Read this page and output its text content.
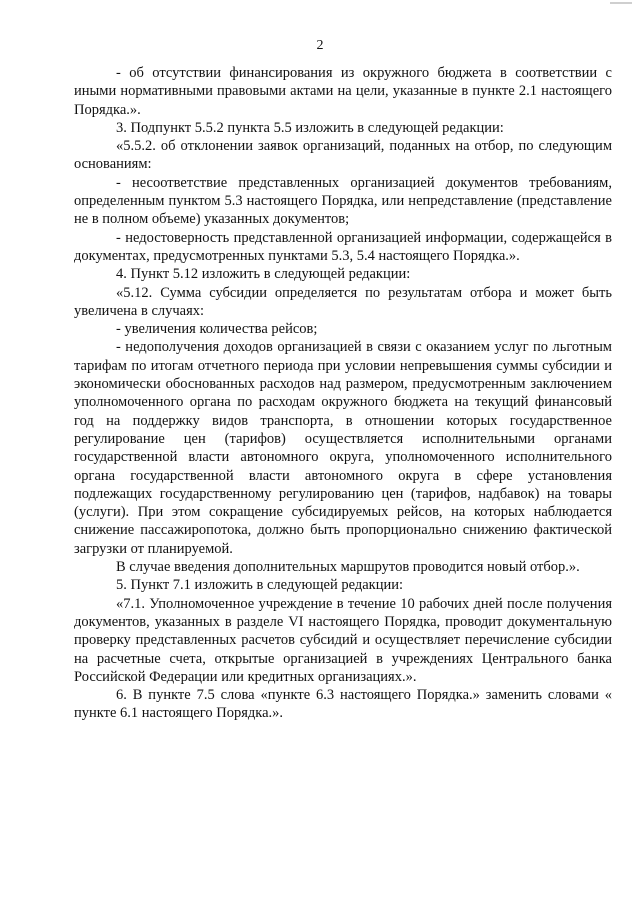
2

- об отсутствии финансирования из окружного бюджета в соответствии с иными нормативными правовыми актами на цели, указанные в пункте 2.1 настоящего Порядка.».

3. Подпункт 5.5.2 пункта 5.5 изложить в следующей редакции:

«5.5.2. об отклонении заявок организаций, поданных на отбор, по следующим основаниям:

- несоответствие представленных организацией документов требованиям, определенным пунктом 5.3 настоящего Порядка, или непредставление (представление не в полном объеме) указанных документов;

- недостоверность представленной организацией информации, содержащейся в документах, предусмотренных пунктами 5.3, 5.4 настоящего Порядка.».

4. Пункт 5.12 изложить в следующей редакции:

«5.12. Сумма субсидии определяется по результатам отбора и может быть увеличена в случаях:

- увеличения количества рейсов;

- недополучения доходов организацией в связи с оказанием услуг по льготным тарифам по итогам отчетного периода при условии непревышения суммы субсидии и экономически обоснованных расходов над размером, предусмотренным заключением уполномоченного органа по расходам окружного бюджета на текущий финансовый год на поддержку видов транспорта, в отношении которых государственное регулирование цен (тарифов) осуществляется исполнительными органами государственной власти автономного округа, уполномоченного исполнительного органа государственной власти автономного округа в сфере установления подлежащих государственному регулированию цен (тарифов, надбавок) на товары (услуги). При этом сокращение субсидируемых рейсов, на которых наблюдается снижение пассажиропотока, должно быть пропорционально снижению фактической загрузки от планируемой.

В случае введения дополнительных маршрутов проводится новый отбор.».

5. Пункт 7.1 изложить в следующей редакции:

«7.1. Уполномоченное учреждение в течение 10 рабочих дней после получения документов, указанных в разделе VI настоящего Порядка, проводит документальную проверку представленных расчетов субсидий и осуществляет перечисление субсидии на расчетные счета, открытые организацией в учреждениях Центрального банка Российской Федерации или кредитных организациях.».

6. В пункте 7.5 слова «пункте 6.3 настоящего Порядка.» заменить словами « пункте 6.1 настоящего Порядка.».
